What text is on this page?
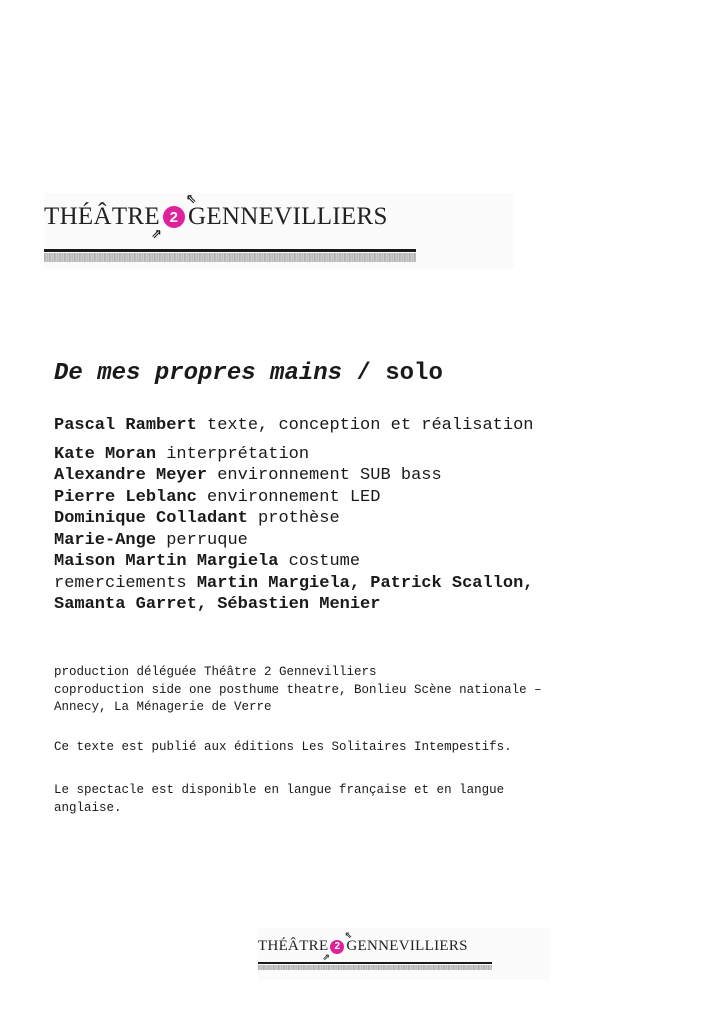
THÉÂTRE
⇖
2
⇗
GENNEVILLIERS
De mes propres mains / solo
Pascal Rambert texte, conception et réalisation
Kate Moran interprétation
Alexandre Meyer environnement SUB bass
Pierre Leblanc environnement LED
Dominique Colladant prothèse
Marie-Ange perruque
Maison Martin Margiela costume
remerciements Martin Margiela, Patrick Scallon,
Samanta Garret, Sébastien Menier

production déléguée Théâtre 2 Gennevilliers
coproduction side one posthume theatre, Bonlieu Scène nationale –
Annecy, La Ménagerie de Verre

Ce texte est publié aux éditions Les Solitaires Intempestifs.

Le spectacle est disponible en langue française et en langue
anglaise.

THÉÂTRE
⇖
2
⇗
GENNEVILLIERS
